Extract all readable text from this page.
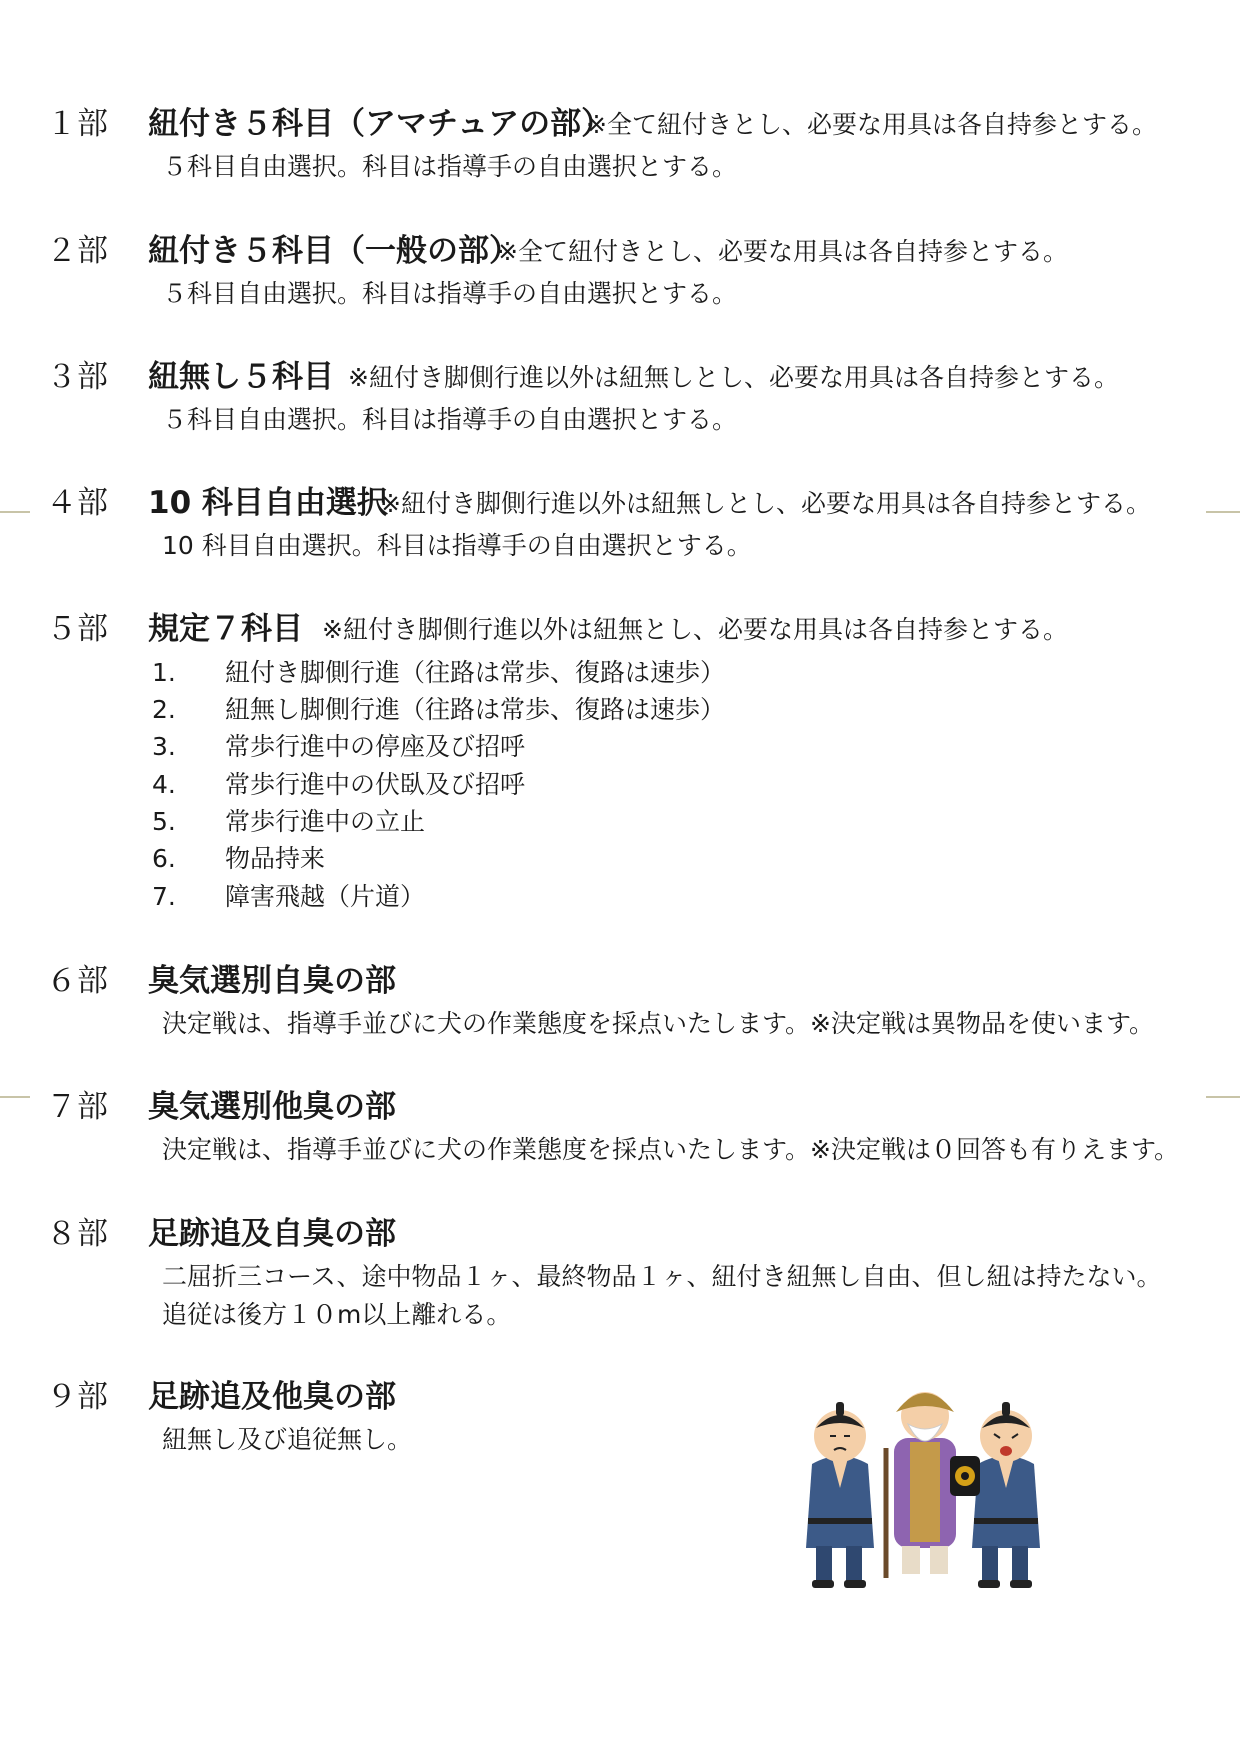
１部 紐付き５科目（アマチュアの部）
※全て紐付きとし、必要な用具は各自持参とする。
５科目自由選択。科目は指導手の自由選択とする。
２部 紐付き５科目（一般の部）
※全て紐付きとし、必要な用具は各自持参とする。
５科目自由選択。科目は指導手の自由選択とする。
３部 紐無し５科目 ※紐付き脚側行進以外は紐無しとし、必要な用具は各自持参とする。
５科目自由選択。科目は指導手の自由選択とする。
４部 10 科目自由選択
※紐付き脚側行進以外は紐無しとし、必要な用具は各自持参とする。
10 科目自由選択。科目は指導手の自由選択とする。
５部 規定７科目 ※紐付き脚側行進以外は紐無とし、必要な用具は各自持参とする。
1. 紐付き脚側行進（往路は常歩、復路は速歩）
2. 紐無し脚側行進（往路は常歩、復路は速歩）
3. 常歩行進中の停座及び招呼
4. 常歩行進中の伏臥及び招呼
5. 常歩行進中の立止
6. 物品持来
7. 障害飛越（片道）
６部 臭気選別自臭の部
決定戦は、指導手並びに犬の作業態度を採点いたします。※決定戦は異物品を使います。
７部 臭気選別他臭の部
決定戦は、指導手並びに犬の作業態度を採点いたします。※決定戦は０回答も有りえます。
８部 足跡追及自臭の部
二屈折三コース、途中物品１ヶ、最終物品１ヶ、紐付き紐無し自由、但し紐は持たない。
追従は後方１０m以上離れる。
９部 足跡追及他臭の部
紐無し及び追従無し。
